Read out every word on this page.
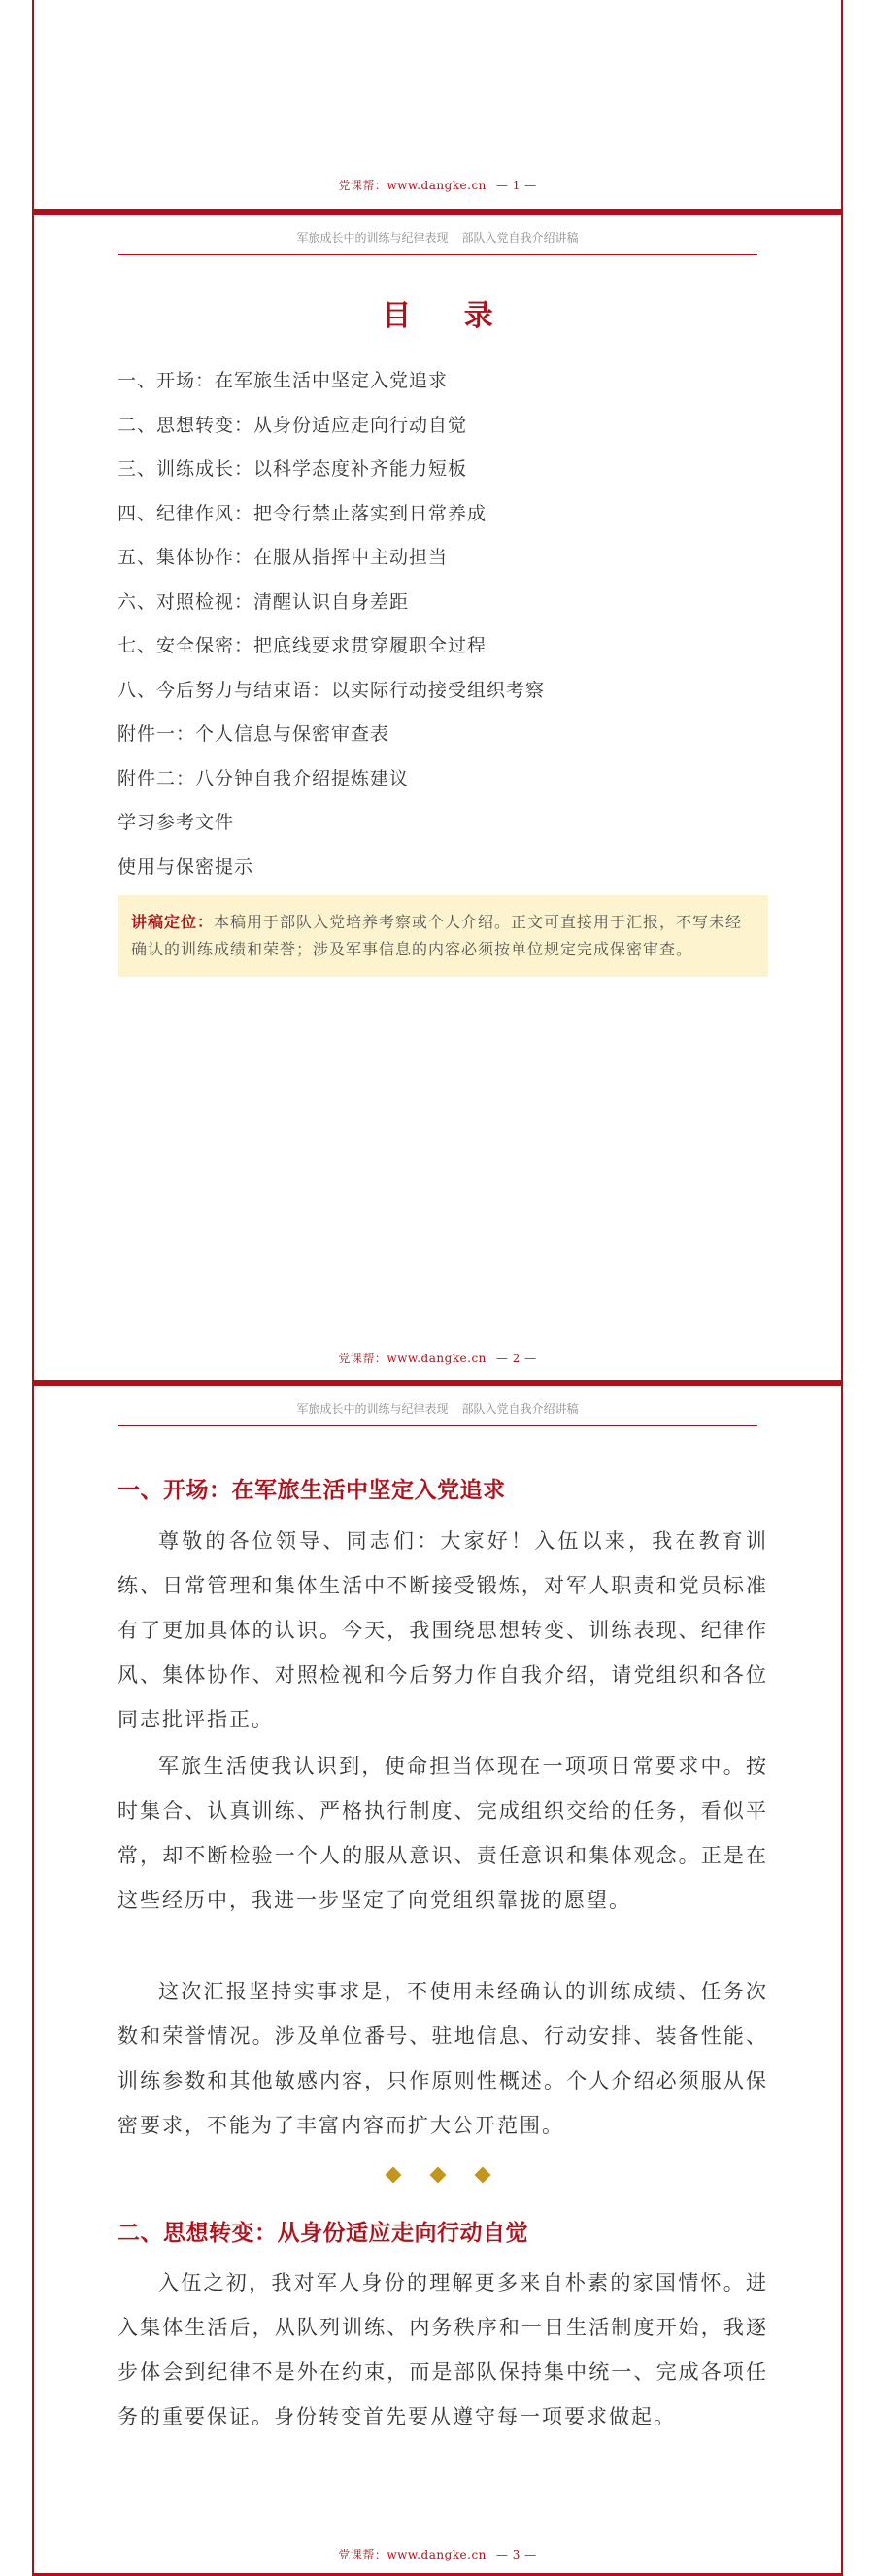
党课帮：www.dangke.cn — 1 —
军旅成长中的训练与纪律表现 部队入党自我介绍讲稿
目 录
一、开场：在军旅生活中坚定入党追求
二、思想转变：从身份适应走向行动自觉
三、训练成长：以科学态度补齐能力短板
四、纪律作风：把令行禁止落实到日常养成
五、集体协作：在服从指挥中主动担当
六、对照检视：清醒认识自身差距
七、安全保密：把底线要求贯穿履职全过程
八、今后努力与结束语：以实际行动接受组织考察
附件一：个人信息与保密审查表
附件二：八分钟自我介绍提炼建议
学习参考文件
使用与保密提示
讲稿定位：本稿用于部队入党培养考察或个人介绍。正文可直接用于汇报，不写未经确认的训练成绩和荣誉；涉及军事信息的内容必须按单位规定完成保密审查。
党课帮：www.dangke.cn — 2 —
军旅成长中的训练与纪律表现 部队入党自我介绍讲稿
一、开场：在军旅生活中坚定入党追求

尊敬的各位领导、同志们：大家好！入伍以来，我在教育训练、日常管理和集体生活中不断接受锻炼，对军人职责和党员标准有了更加具体的认识。今天，我围绕思想转变、训练表现、纪律作风、集体协作、对照检视和今后努力作自我介绍，请党组织和各位同志批评指正。

军旅生活使我认识到，使命担当体现在一项项日常要求中。按时集合、认真训练、严格执行制度、完成组织交给的任务，看似平常，却不断检验一个人的服从意识、责任意识和集体观念。正是在这些经历中，我进一步坚定了向党组织靠拢的愿望。

这次汇报坚持实事求是，不使用未经确认的训练成绩、任务次数和荣誉情况。涉及单位番号、驻地信息、行动安排、装备性能、训练参数和其他敏感内容，只作原则性概述。个人介绍必须服从保密要求，不能为了丰富内容而扩大公开范围。

二、思想转变：从身份适应走向行动自觉

入伍之初，我对军人身份的理解更多来自朴素的家国情怀。进入集体生活后，从队列训练、内务秩序和一日生活制度开始，我逐步体会到纪律不是外在约束，而是部队保持集中统一、完成各项任务的重要保证。身份转变首先要从遵守每一项要求做起。

党课帮：www.dangke.cn — 3 —
